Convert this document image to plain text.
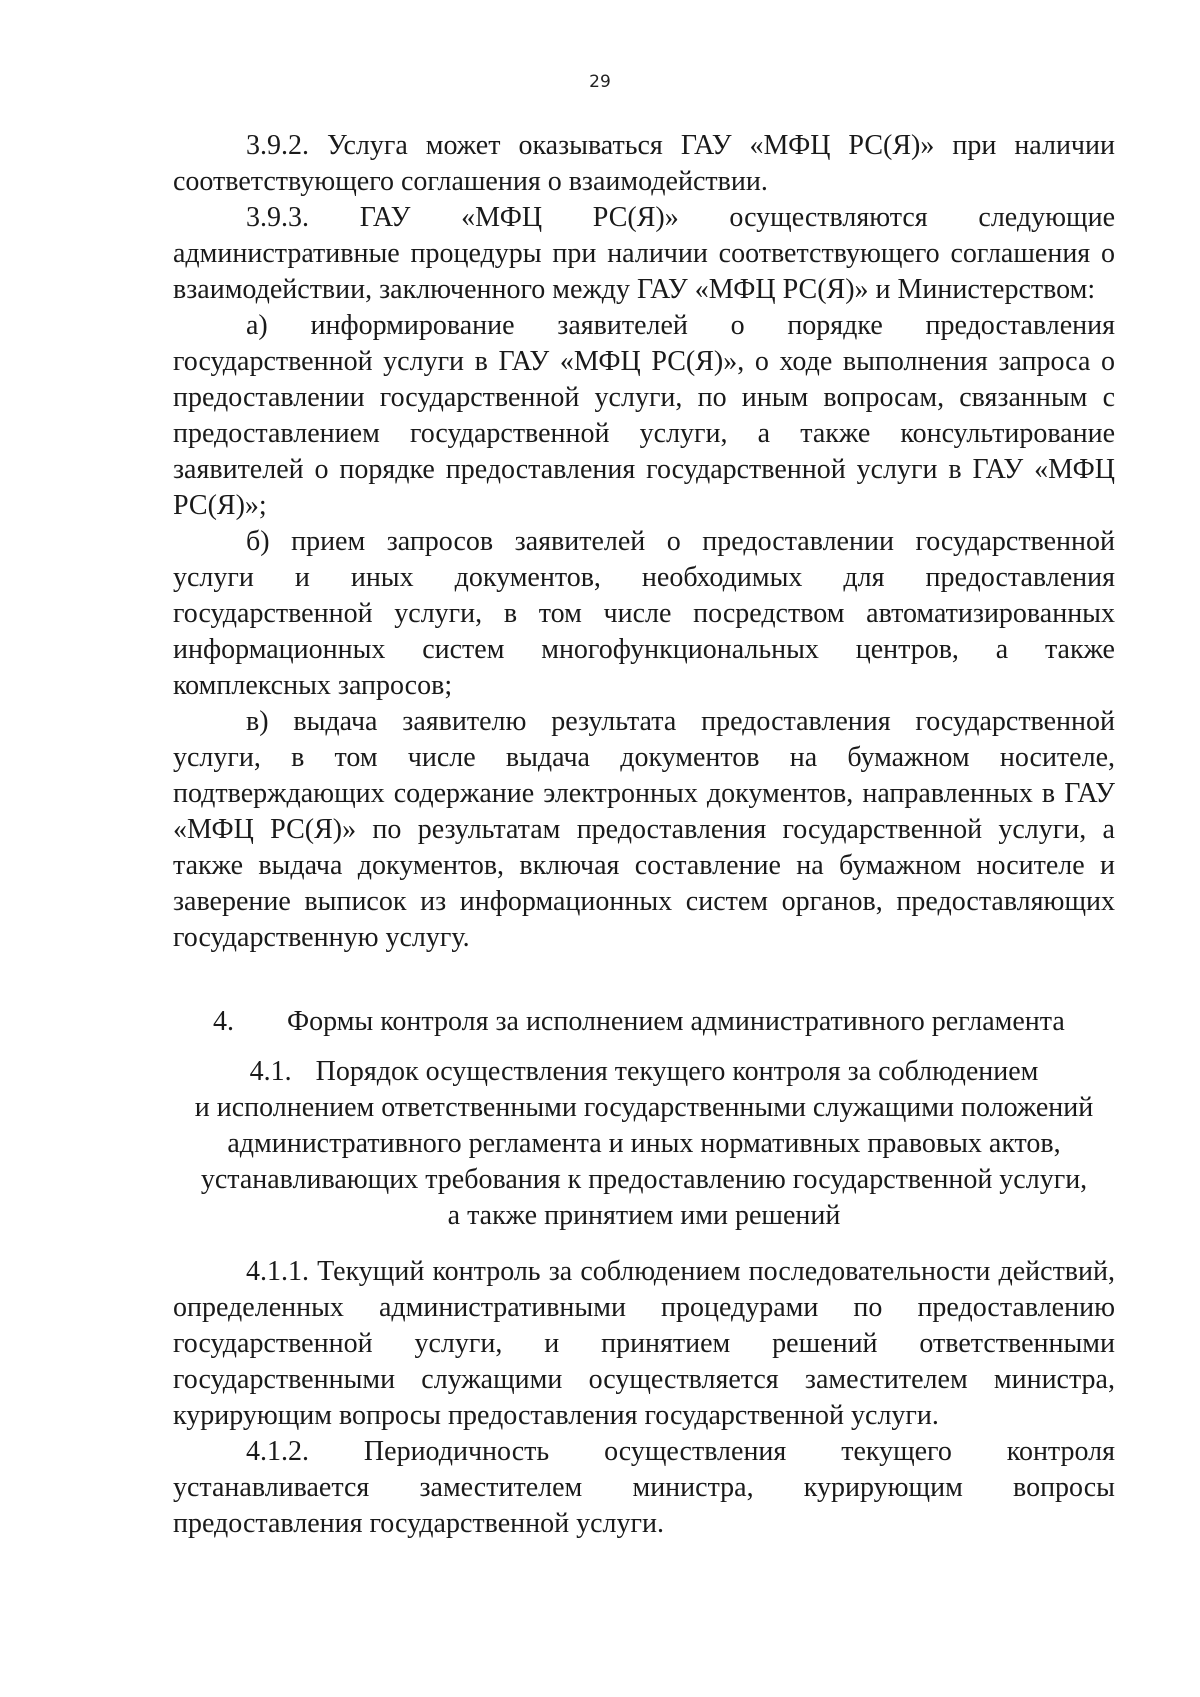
29

3.9.2. Услуга может оказываться ГАУ «МФЦ РС(Я)» при наличии соответствующего соглашения о взаимодействии.

3.9.3. ГАУ «МФЦ РС(Я)» осуществляются следующие административные процедуры при наличии соответствующего соглашения о взаимодействии, заключенного между ГАУ «МФЦ РС(Я)» и Министерством:

а) информирование заявителей о порядке предоставления государственной услуги в ГАУ «МФЦ РС(Я)», о ходе выполнения запроса о предоставлении государственной услуги, по иным вопросам, связанным с предоставлением государственной услуги, а также консультирование заявителей о порядке предоставления государственной услуги в ГАУ «МФЦ РС(Я)»;

б) прием запросов заявителей о предоставлении государственной услуги и иных документов, необходимых для предоставления государственной услуги, в том числе посредством автоматизированных информационных систем многофункциональных центров, а также комплексных запросов;

в) выдача заявителю результата предоставления государственной услуги, в том числе выдача документов на бумажном носителе, подтверждающих содержание электронных документов, направленных в ГАУ «МФЦ РС(Я)» по результатам предоставления государственной услуги, а также выдача документов, включая составление на бумажном носителе и заверение выписок из информационных систем органов, предоставляющих государственную услугу.

4.	Формы контроля за исполнением административного регламента
4.1. Порядок осуществления текущего контроля за соблюдением
и исполнением ответственными государственными служащими положений
административного регламента и иных нормативных правовых актов,
устанавливающих требования к предоставлению государственной услуги,
а также принятием ими решений

4.1.1. Текущий контроль за соблюдением последовательности действий, определенных административными процедурами по предоставлению государственной услуги, и принятием решений ответственными государственными служащими осуществляется заместителем министра, курирующим вопросы предоставления государственной услуги.

4.1.2. Периодичность осуществления текущего контроля устанавливается заместителем министра, курирующим вопросы предоставления государственной услуги.
